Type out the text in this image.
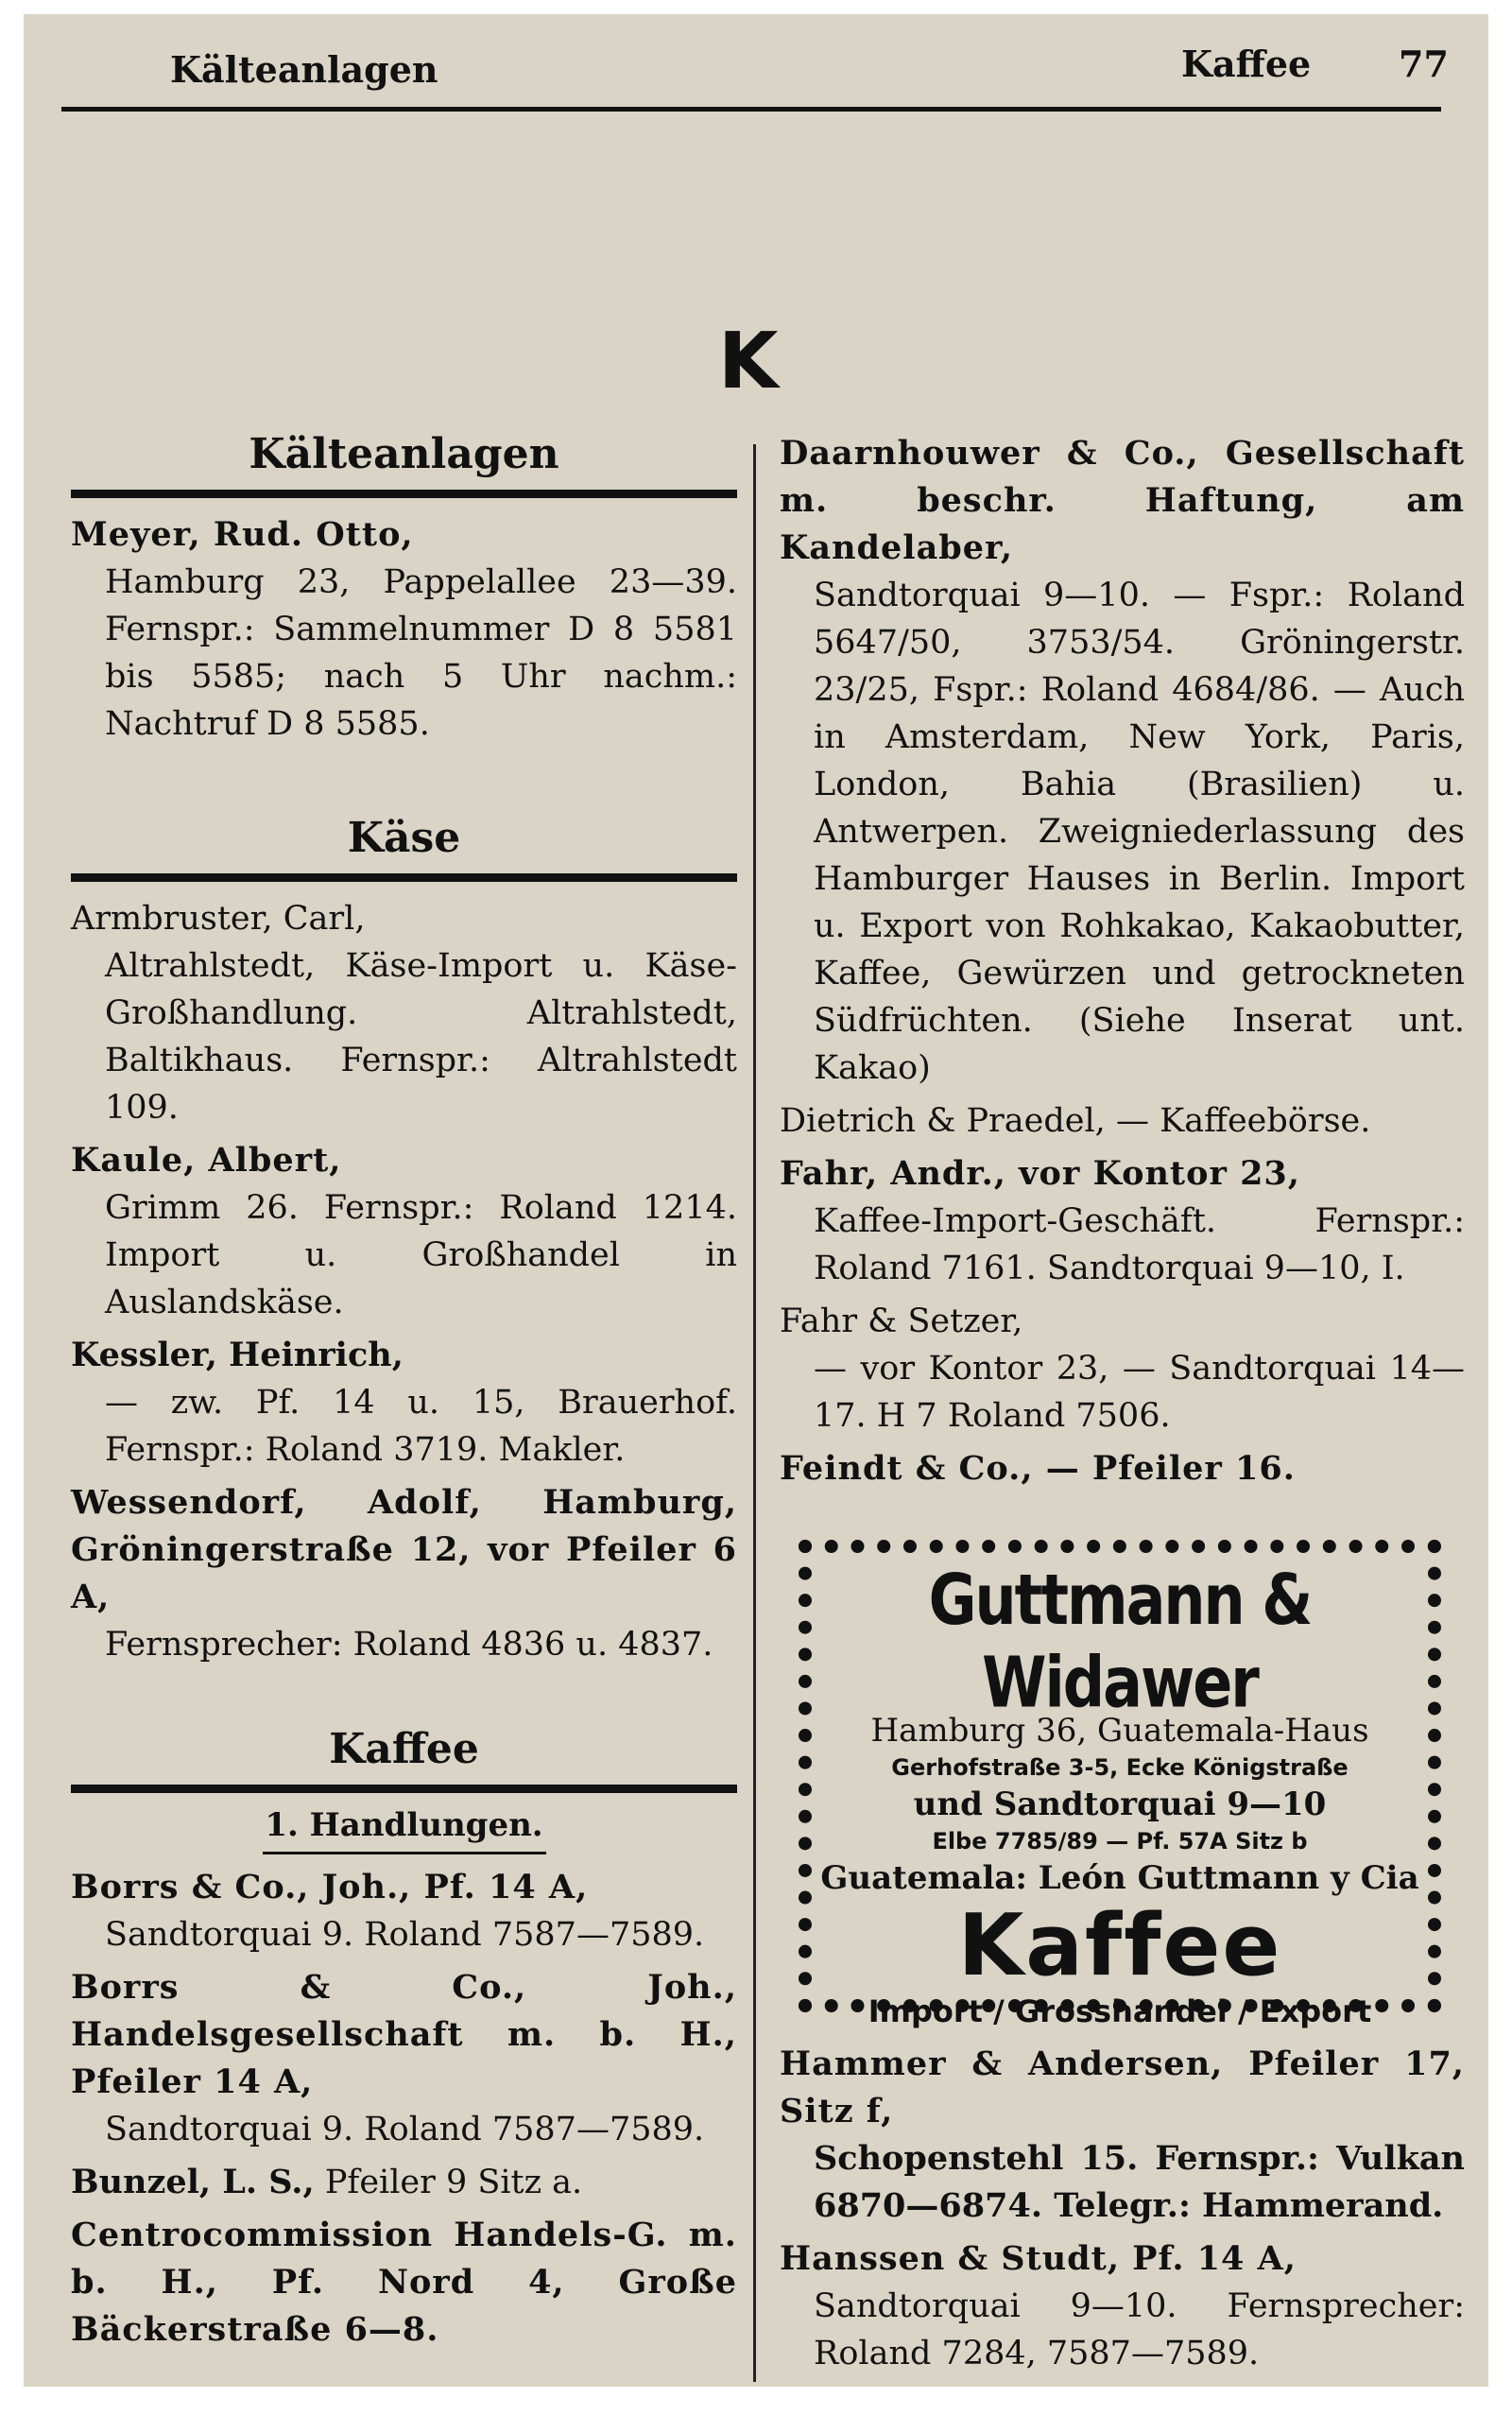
Kälteanlagen	Kaffee 77
K
Kälteanlagen

Meyer, Rud. Otto,
Hamburg 23, Pappelallee 23—39. Fernspr.: Sammelnummer D 8 5581 bis 5585; nach 5 Uhr nachm.: Nachtruf D 8 5585.

Käse

Armbruster, Carl,
Altrahlstedt, Käse-Import u. Käse-Großhandlung. Altrahlstedt, Baltikhaus. Fernspr.: Altrahlstedt 109.

Kaule, Albert,
Grimm 26. Fernspr.: Roland 1214. Import u. Großhandel in Auslandskäse.

Kessler, Heinrich,
— zw. Pf. 14 u. 15, Brauerhof. Fernspr.: Roland 3719. Makler.

Wessendorf, Adolf, Hamburg, Gröningerstraße 12, vor Pfeiler 6 A,
Fernsprecher: Roland 4836 u. 4837.

Kaffee
1. Handlungen.

Borrs & Co., Joh., Pf. 14 A,
Sandtorquai 9. Roland 7587—7589.

Borrs & Co., Joh., Handelsgesellschaft m. b. H., Pfeiler 14 A,
Sandtorquai 9. Roland 7587—7589.

Bunzel, L. S., Pfeiler 9 Sitz a.

Centrocommission Handels-G. m. b. H., Pf. Nord 4, Große Bäckerstraße 6—8.

Daarnhouwer & Co., Gesellschaft m. beschr. Haftung, am Kandelaber,
Sandtorquai 9—10. — Fspr.: Roland 5647/50, 3753/54. Gröningerstr. 23/25, Fspr.: Roland 4684/86. — Auch in Amsterdam, New York, Paris, London, Bahia (Brasilien) u. Antwerpen. Zweigniederlassung des Hamburger Hauses in Berlin. Import u. Export von Rohkakao, Kakaobutter, Kaffee, Gewürzen und getrockneten Südfrüchten. (Siehe Inserat unt. Kakao)

Dietrich & Praedel, — Kaffeebörse.

Fahr, Andr., vor Kontor 23,
Kaffee-Import-Geschäft. Fernspr.: Roland 7161. Sandtorquai 9—10, I.

Fahr & Setzer,
— vor Kontor 23, — Sandtorquai 14—17. H 7 Roland 7506.

Feindt & Co., — Pfeiler 16.

Guttmann & Widawer
Hamburg 36, Guatemala-Haus
Gerhofstraße 3-5, Ecke Königstraße
und Sandtorquai 9—10
Elbe 7785/89 — Pf. 57A Sitz b
Guatemala: León Guttmann y Cia
Kaffee
Import / Grosshandel / Export

Hammer & Andersen, Pfeiler 17, Sitz f,
Schopenstehl 15. Fernspr.: Vulkan 6870—6874. Telegr.: Hammerand.

Hanssen & Studt, Pf. 14 A,
Sandtorquai 9—10. Fernsprecher: Roland 7284, 7587—7589.
